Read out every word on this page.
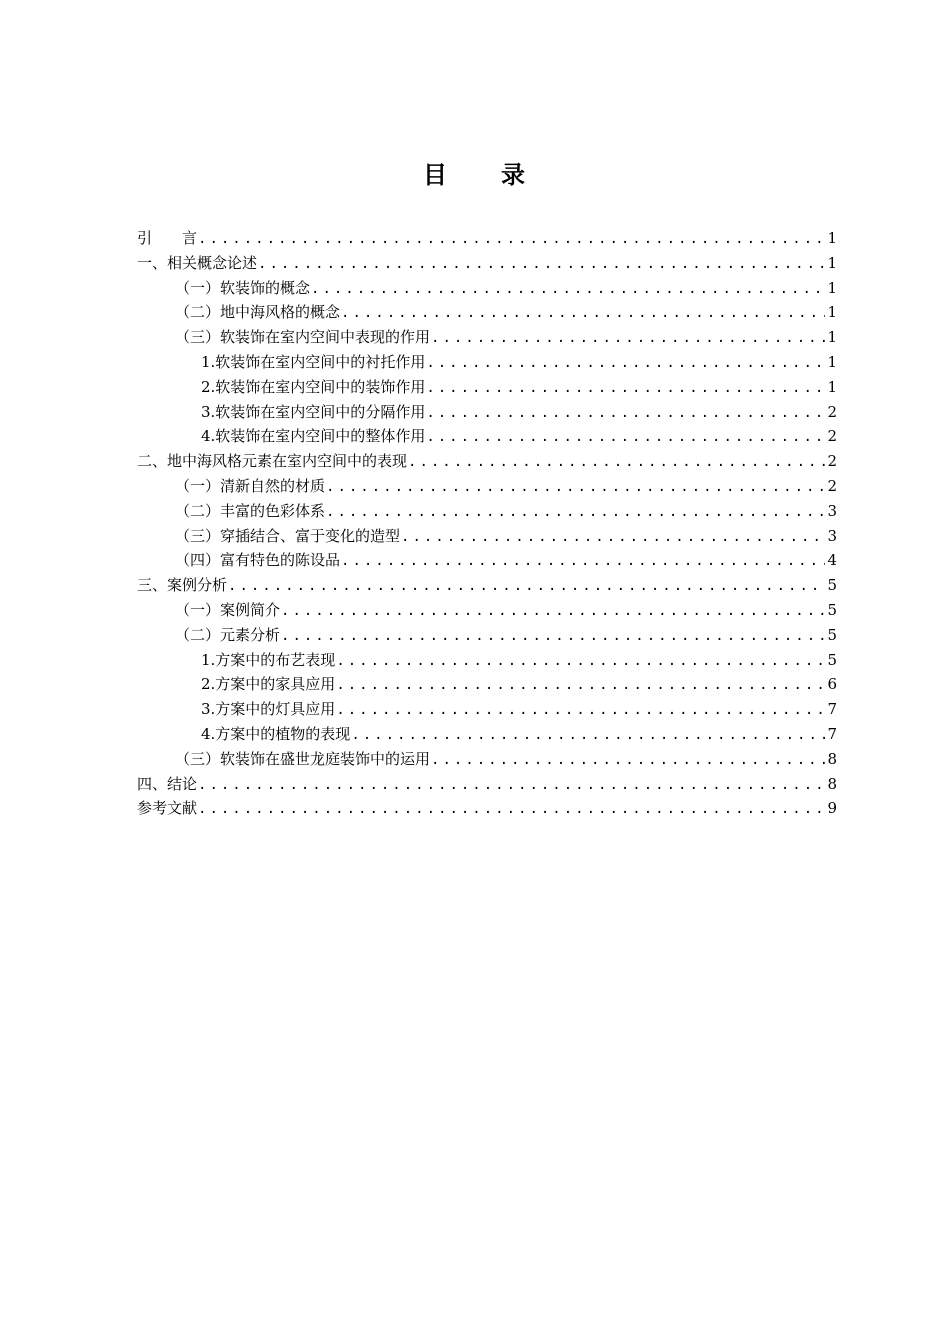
目　　录
引　　言 .....	1
一、相关概念论述 .....	1
（一）软装饰的概念 .....	1
（二）地中海风格的概念 .....	1
（三）软装饰在室内空间中表现的作用 .....	1
1.软装饰在室内空间中的衬托作用 .....	1
2.软装饰在室内空间中的装饰作用 .....	1
3.软装饰在室内空间中的分隔作用 .....	2
4.软装饰在室内空间中的整体作用 .....	2
二、地中海风格元素在室内空间中的表现 .....	2
（一）清新自然的材质 .....	2
（二）丰富的色彩体系 .....	3
（三）穿插结合、富于变化的造型 .....	3
（四）富有特色的陈设品 .....	4
三、案例分析 .....	5
（一）案例简介 .....	5
（二）元素分析 .....	5
1.方案中的布艺表现 .....	5
2.方案中的家具应用 .....	6
3.方案中的灯具应用 .....	7
4.方案中的植物的表现 .....	7
（三）软装饰在盛世龙庭装饰中的运用 .....	8
四、结论 .....	8
参考文献 .....	9
